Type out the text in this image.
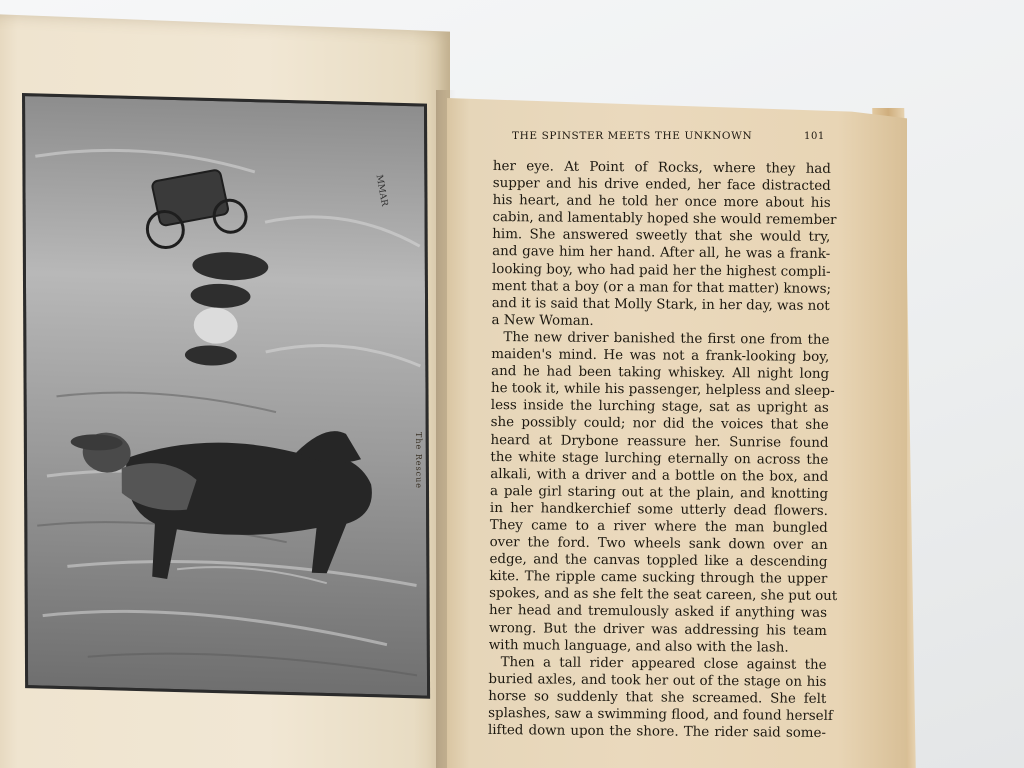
MMAR
The Rescue
THE SPINSTER MEETS THE UNKNOWN	101
her eye. At Point of Rocks, where they had
supper and his drive ended, her face distracted
his heart, and he told her once more about his
cabin, and lamentably hoped she would remember
him. She answered sweetly that she would try,
and gave him her hand. After all, he was a frank-
looking boy, who had paid her the highest compli-
ment that a boy (or a man for that matter) knows;
and it is said that Molly Stark, in her day, was not
a New Woman.
The new driver banished the first one from the
maiden's mind. He was not a frank-looking boy,
and he had been taking whiskey. All night long
he took it, while his passenger, helpless and sleep-
less inside the lurching stage, sat as upright as
she possibly could; nor did the voices that she
heard at Drybone reassure her. Sunrise found
the white stage lurching eternally on across the
alkali, with a driver and a bottle on the box, and
a pale girl staring out at the plain, and knotting
in her handkerchief some utterly dead flowers.
They came to a river where the man bungled
over the ford. Two wheels sank down over an
edge, and the canvas toppled like a descending
kite. The ripple came sucking through the upper
spokes, and as she felt the seat careen, she put out
her head and tremulously asked if anything was
wrong. But the driver was addressing his team
with much language, and also with the lash.
Then a tall rider appeared close against the
buried axles, and took her out of the stage on his
horse so suddenly that she screamed. She felt
splashes, saw a swimming flood, and found herself
lifted down upon the shore. The rider said some-
